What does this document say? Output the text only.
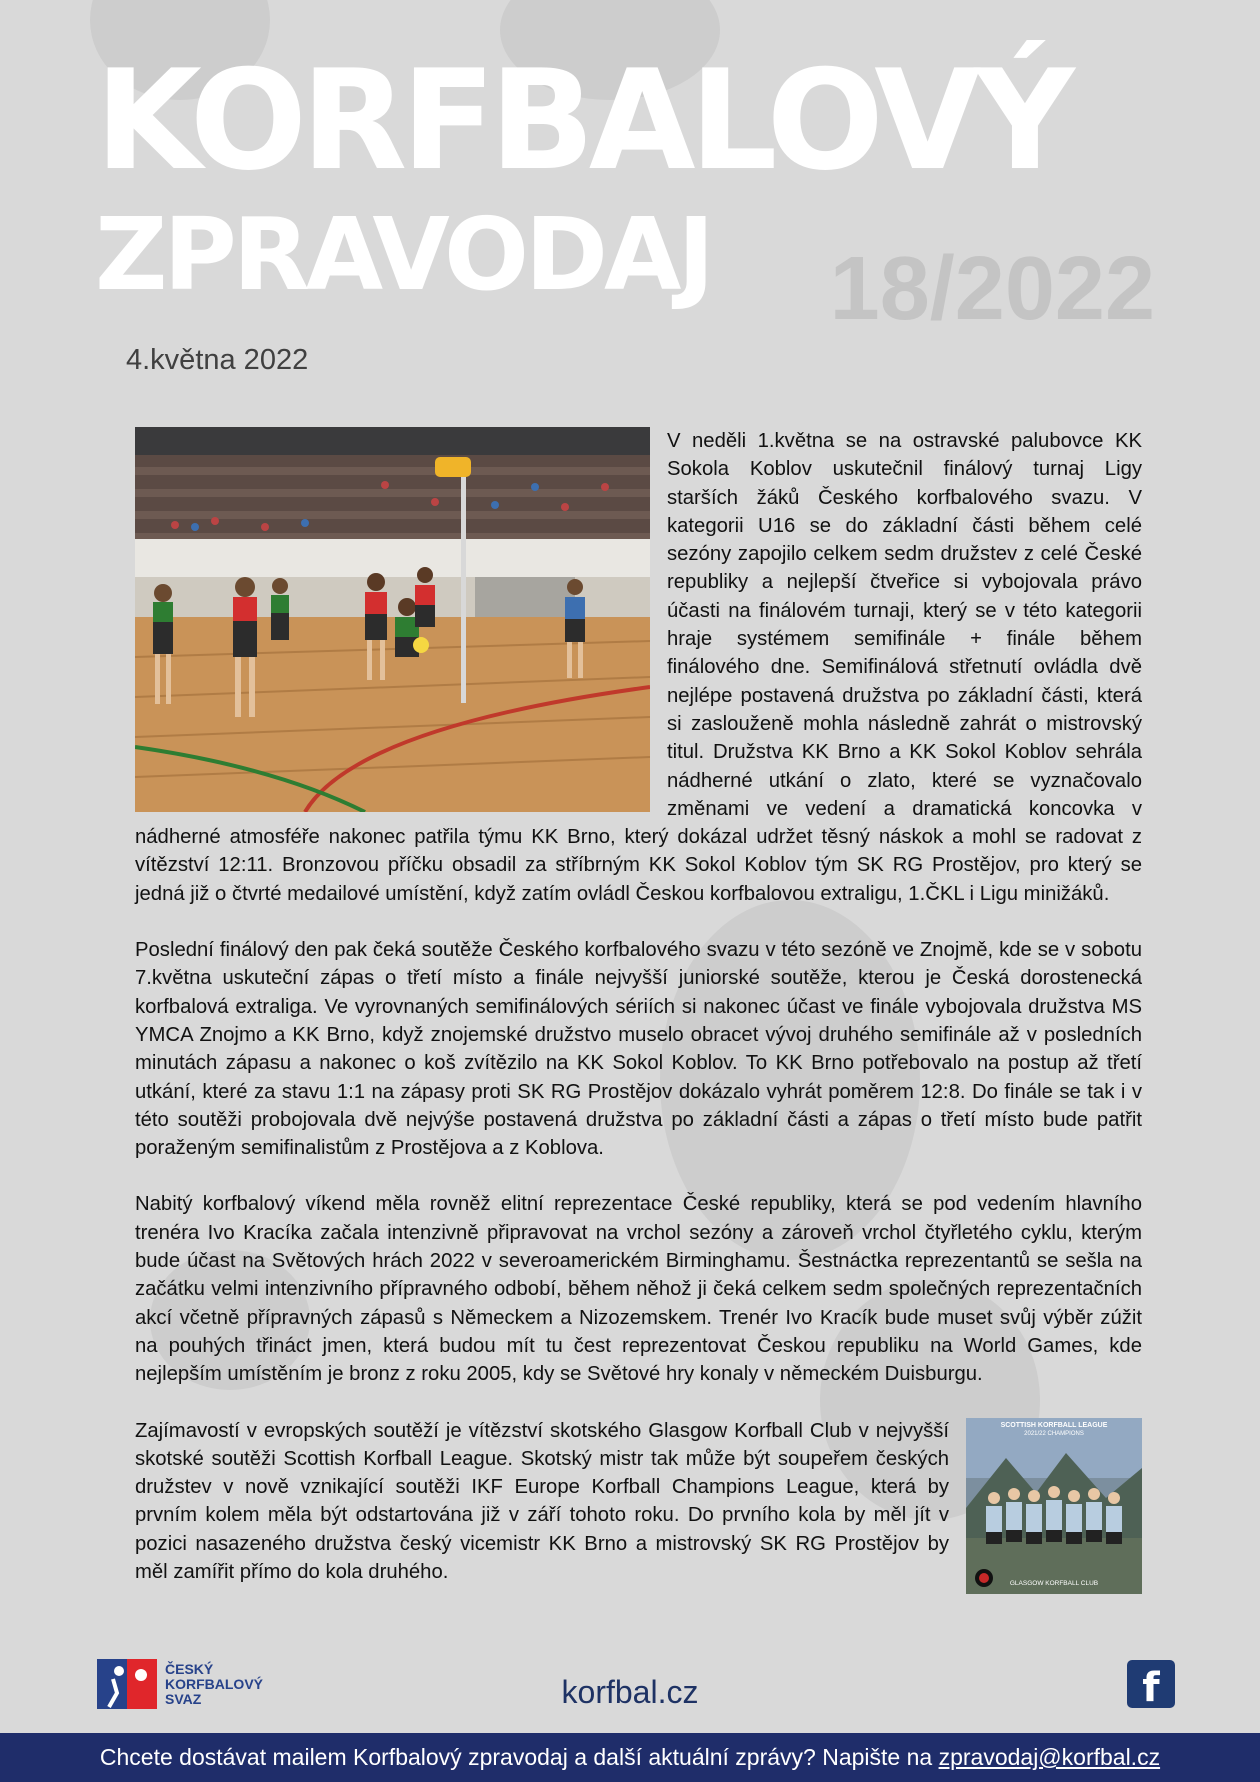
KORFBALOVÝ
ZPRAVODAJ 18/2022
4.května 2022

V neděli 1.května se na ostravské palubovce KK Sokola Koblov uskutečnil finálový turnaj Ligy starších žáků Českého korfbalového svazu. V kategorii U16 se do základní části během celé sezóny zapojilo celkem sedm družstev z celé České republiky a nejlepší čtveřice si vybojovala právo účasti na finálovém turnaji, který se v této kategorii hraje systémem semifinále + finále během finálového dne. Semifinálová střetnutí ovládla dvě nejlépe postavená družstva po základní části, která si zaslouženě mohla následně zahrát o mistrovský titul. Družstva KK Brno a KK Sokol Koblov sehrála nádherné utkání o zlato, které se vyznačovalo změnami ve vedení a dramatická koncovka v nádherné atmosféře nakonec patřila týmu KK Brno, který dokázal udržet těsný náskok a mohl se radovat z vítězství 12:11. Bronzovou příčku obsadil za stříbrným KK Sokol Koblov tým SK RG Prostějov, pro který se jedná již o čtvrté medailové umístění, když zatím ovládl Českou korfbalovou extraligu, 1.ČKL i Ligu minižáků.

Poslední finálový den pak čeká soutěže Českého korfbalového svazu v této sezóně ve Znojmě, kde se v sobotu 7.května uskuteční zápas o třetí místo a finále nejvyšší juniorské soutěže, kterou je Česká dorostenecká korfbalová extraliga. Ve vyrovnaných semifinálových sériích si nakonec účast ve finále vybojovala družstva MS YMCA Znojmo a KK Brno, když znojemské družstvo muselo obracet vývoj druhého semifinále až v posledních minutách zápasu a nakonec o koš zvítězilo na KK Sokol Koblov. To KK Brno potřebovalo na postup až třetí utkání, které za stavu 1:1 na zápasy proti SK RG Prostějov dokázalo vyhrát poměrem 12:8. Do finále se tak i v této soutěži probojovala dvě nejvýše postavená družstva po základní části a zápas o třetí místo bude patřit poraženým semifinalistům z Prostějova a z Koblova.

Nabitý korfbalový víkend měla rovněž elitní reprezentace České republiky, která se pod vedením hlavního trenéra Ivo Kracíka začala intenzivně připravovat na vrchol sezóny a zároveň vrchol čtyřletého cyklu, kterým bude účast na Světových hrách 2022 v severoamerickém Birminghamu. Šestnáctka reprezentantů se sešla na začátku velmi intenzivního přípravného odbobí, během něhož ji čeká celkem sedm společných reprezentačních akcí včetně přípravných zápasů s Německem a Nizozemskem. Trenér Ivo Kracík bude muset svůj výběr zúžit na pouhých třináct jmen, která budou mít tu čest reprezentovat Českou republiku na World Games, kde nejlepším umístěním je bronz z roku 2005, kdy se Světové hry konaly v německém Duisburgu.

SCOTTISH KORFBALL LEAGUE
2021/22 CHAMPIONS
GLASGOW KORFBALL CLUB

Zajímavostí v evropských soutěží je vítězství skotského Glasgow Korfball Club v nejvyšší skotské soutěži Scottish Korfball League. Skotský mistr tak může být soupeřem českých družstev v nově vznikající soutěži IKF Europe Korfball Champions League, která by prvním kolem měla být odstartována již v září tohoto roku. Do prvního kola by měl jít v pozici nasazeného družstva český vicemistr KK Brno a mistrovský SK RG Prostějov by měl zamířit přímo do kola druhého.

ČESKÝ
KORFBALOVÝ
SVAZ	korfbal.cz	f
Chcete dostávat mailem Korfbalový zpravodaj a další aktuální zprávy? Napište na zpravodaj@korfbal.cz
